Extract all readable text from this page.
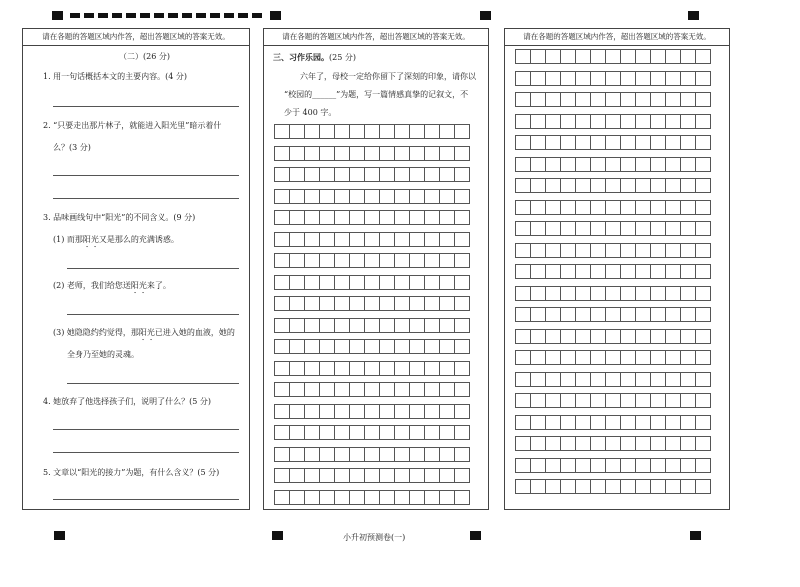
请在各题的答题区域内作答，超出答题区域的答案无效。
（二）(26 分)
1. 用一句话概括本文的主要内容。(4 分)
2. “只要走出那片林子，就能进入阳光里”暗示着什
么？(3 分)
3. 品味画线句中“阳光”的不同含义。(9 分)
(1) 而那阳光又是那么的充满诱惑。
(2) 老师，我们给您送阳光来了。
(3) 她隐隐约约觉得，那阳光已进入她的血液，她的
全身乃至她的灵魂。
4. 她放弃了他选择孩子们，说明了什么？(5 分)
5. 文章以“阳光的接力”为题，有什么含义？(5 分)
请在各题的答题区域内作答，超出答题区域的答案无效。
三、习作乐园。(25 分)
六年了，母校一定给你留下了深刻的印象，请你以
“校园的______”为题，写一篇情感真挚的记叙文，不
少于 400 字。
请在各题的答题区域内作答，超出答题区域的答案无效。
小升初预测卷(一)
